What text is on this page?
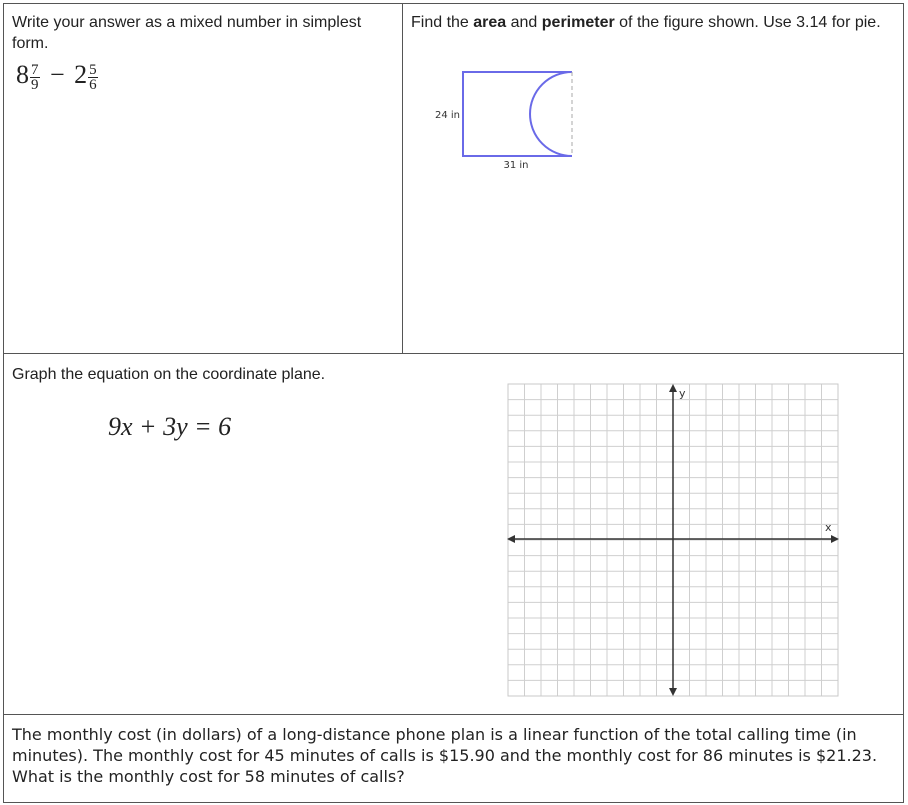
Write your answer as a mixed number in simplest form.
$8 \frac{7}{9} - 2 \frac{5}{6}$
Find the area and perimeter of the figure shown. Use 3.14 for pie.
24 in
31 in
Graph the equation on the coordinate plane.
9x + 3y = 6
y
x
The monthly cost (in dollars) of a long-distance phone plan is a linear function of the total calling time (in minutes). The monthly cost for 45 minutes of calls is $15.90 and the monthly cost for 86 minutes is $21.23. What is the monthly cost for 58 minutes of calls?
